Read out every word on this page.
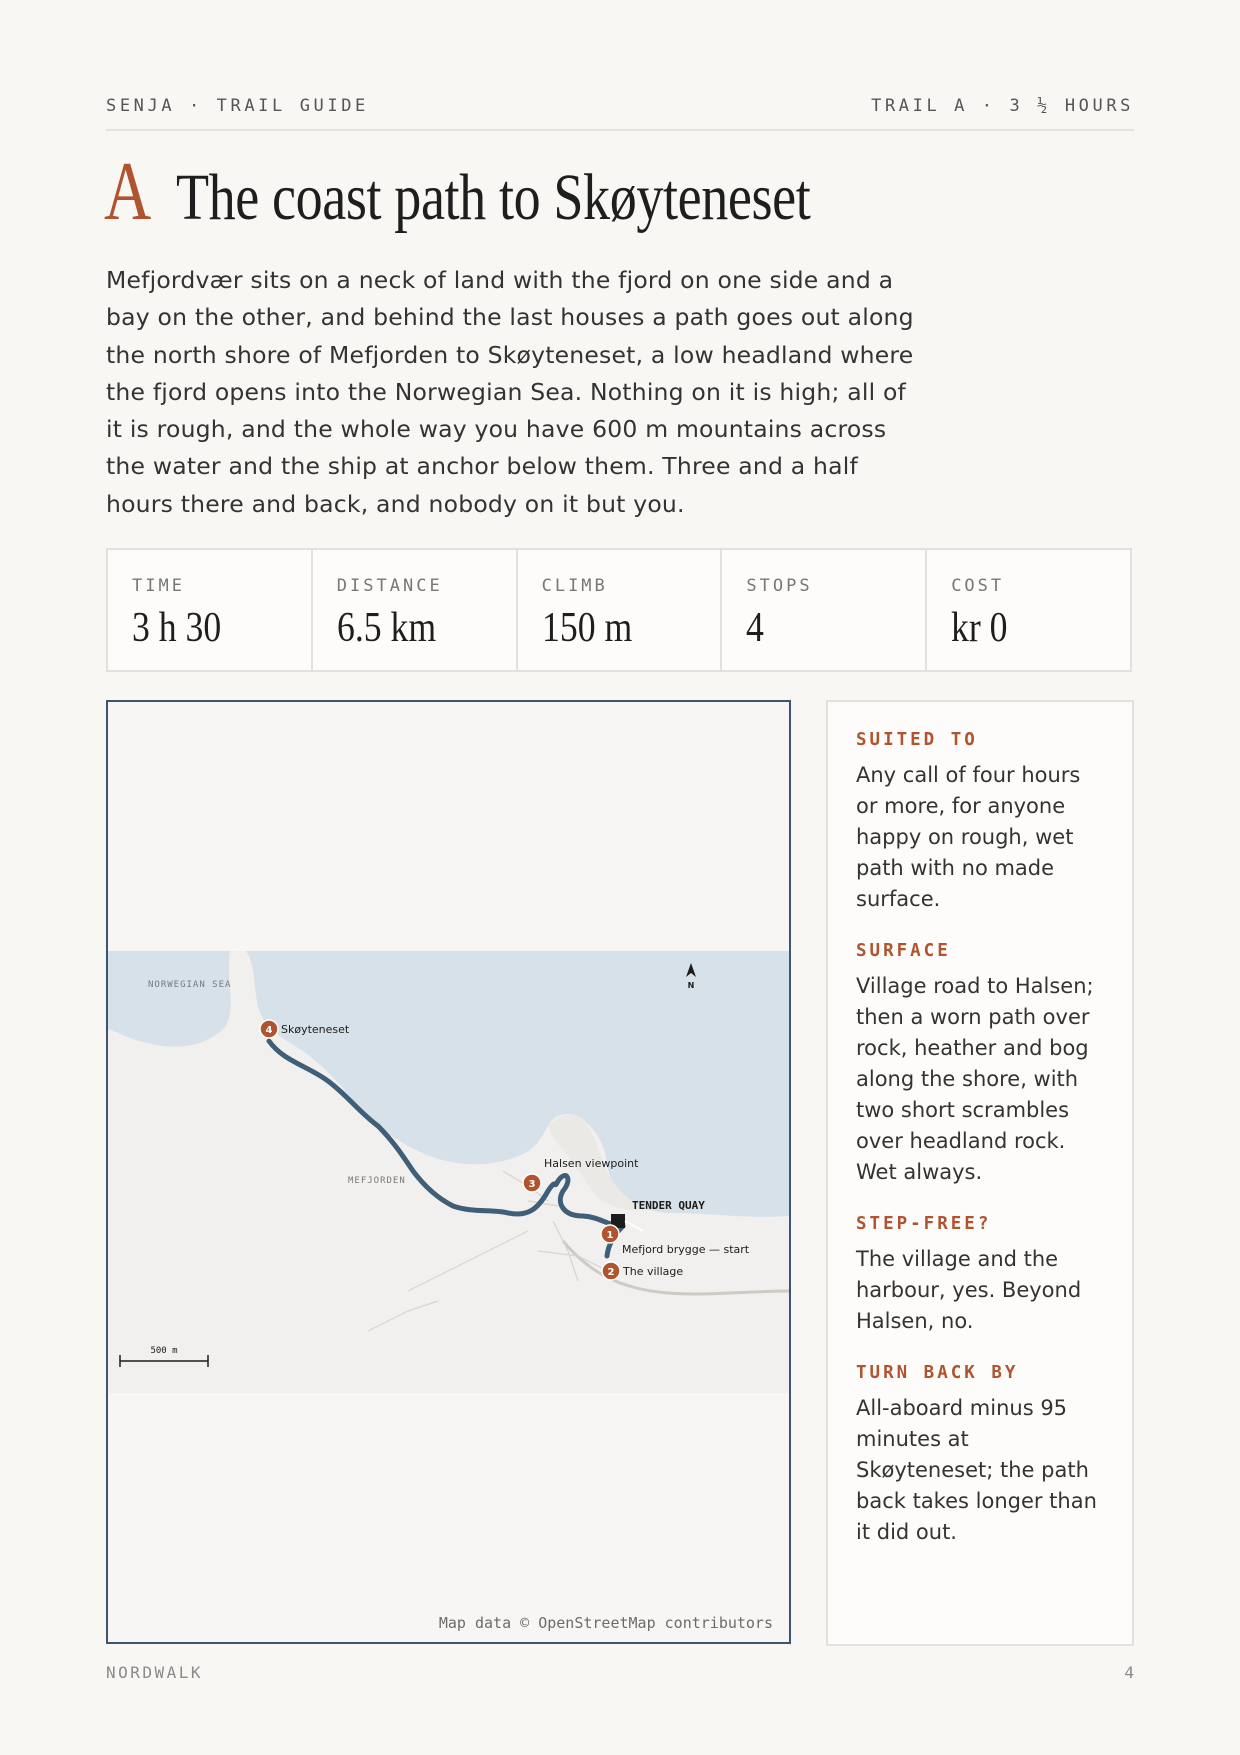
SENJA · TRAIL GUIDE	TRAIL A · 3 ½ HOURS
A The coast path to Skøyteneset

Mefjordvær sits on a neck of land with the fjord on one side and a bay on the other, and behind the last houses a path goes out along the north shore of Mefjorden to Skøyteneset, a low headland where the fjord opens into the Norwegian Sea. Nothing on it is high; all of it is rough, and the whole way you have 600 m mountains across the water and the ship at anchor below them. Three and a half hours there and back, and nobody on it but you.

TIME
3 h 30
DISTANCE
6.5 km
CLIMB
150 m
STOPS
4
COST
kr 0
NORWEGIAN SEA
MEFJORDEN
N
4 Skøyteneset
3
Halsen viewpoint
TENDER QUAY
1
Mefjord brygge — start
2 The village
500 m
Map data © OpenStreetMap contributors
SUITED TO
Any call of four hours or more, for anyone happy on rough, wet path with no made surface.
SURFACE
Village road to Halsen; then a worn path over rock, heather and bog along the shore, with two short scrambles over headland rock. Wet always.
STEP-FREE?
The village and the harbour, yes. Beyond Halsen, no.
TURN BACK BY
All-aboard minus 95 minutes at Skøyteneset; the path back takes longer than it did out.
NORDWALK	4
